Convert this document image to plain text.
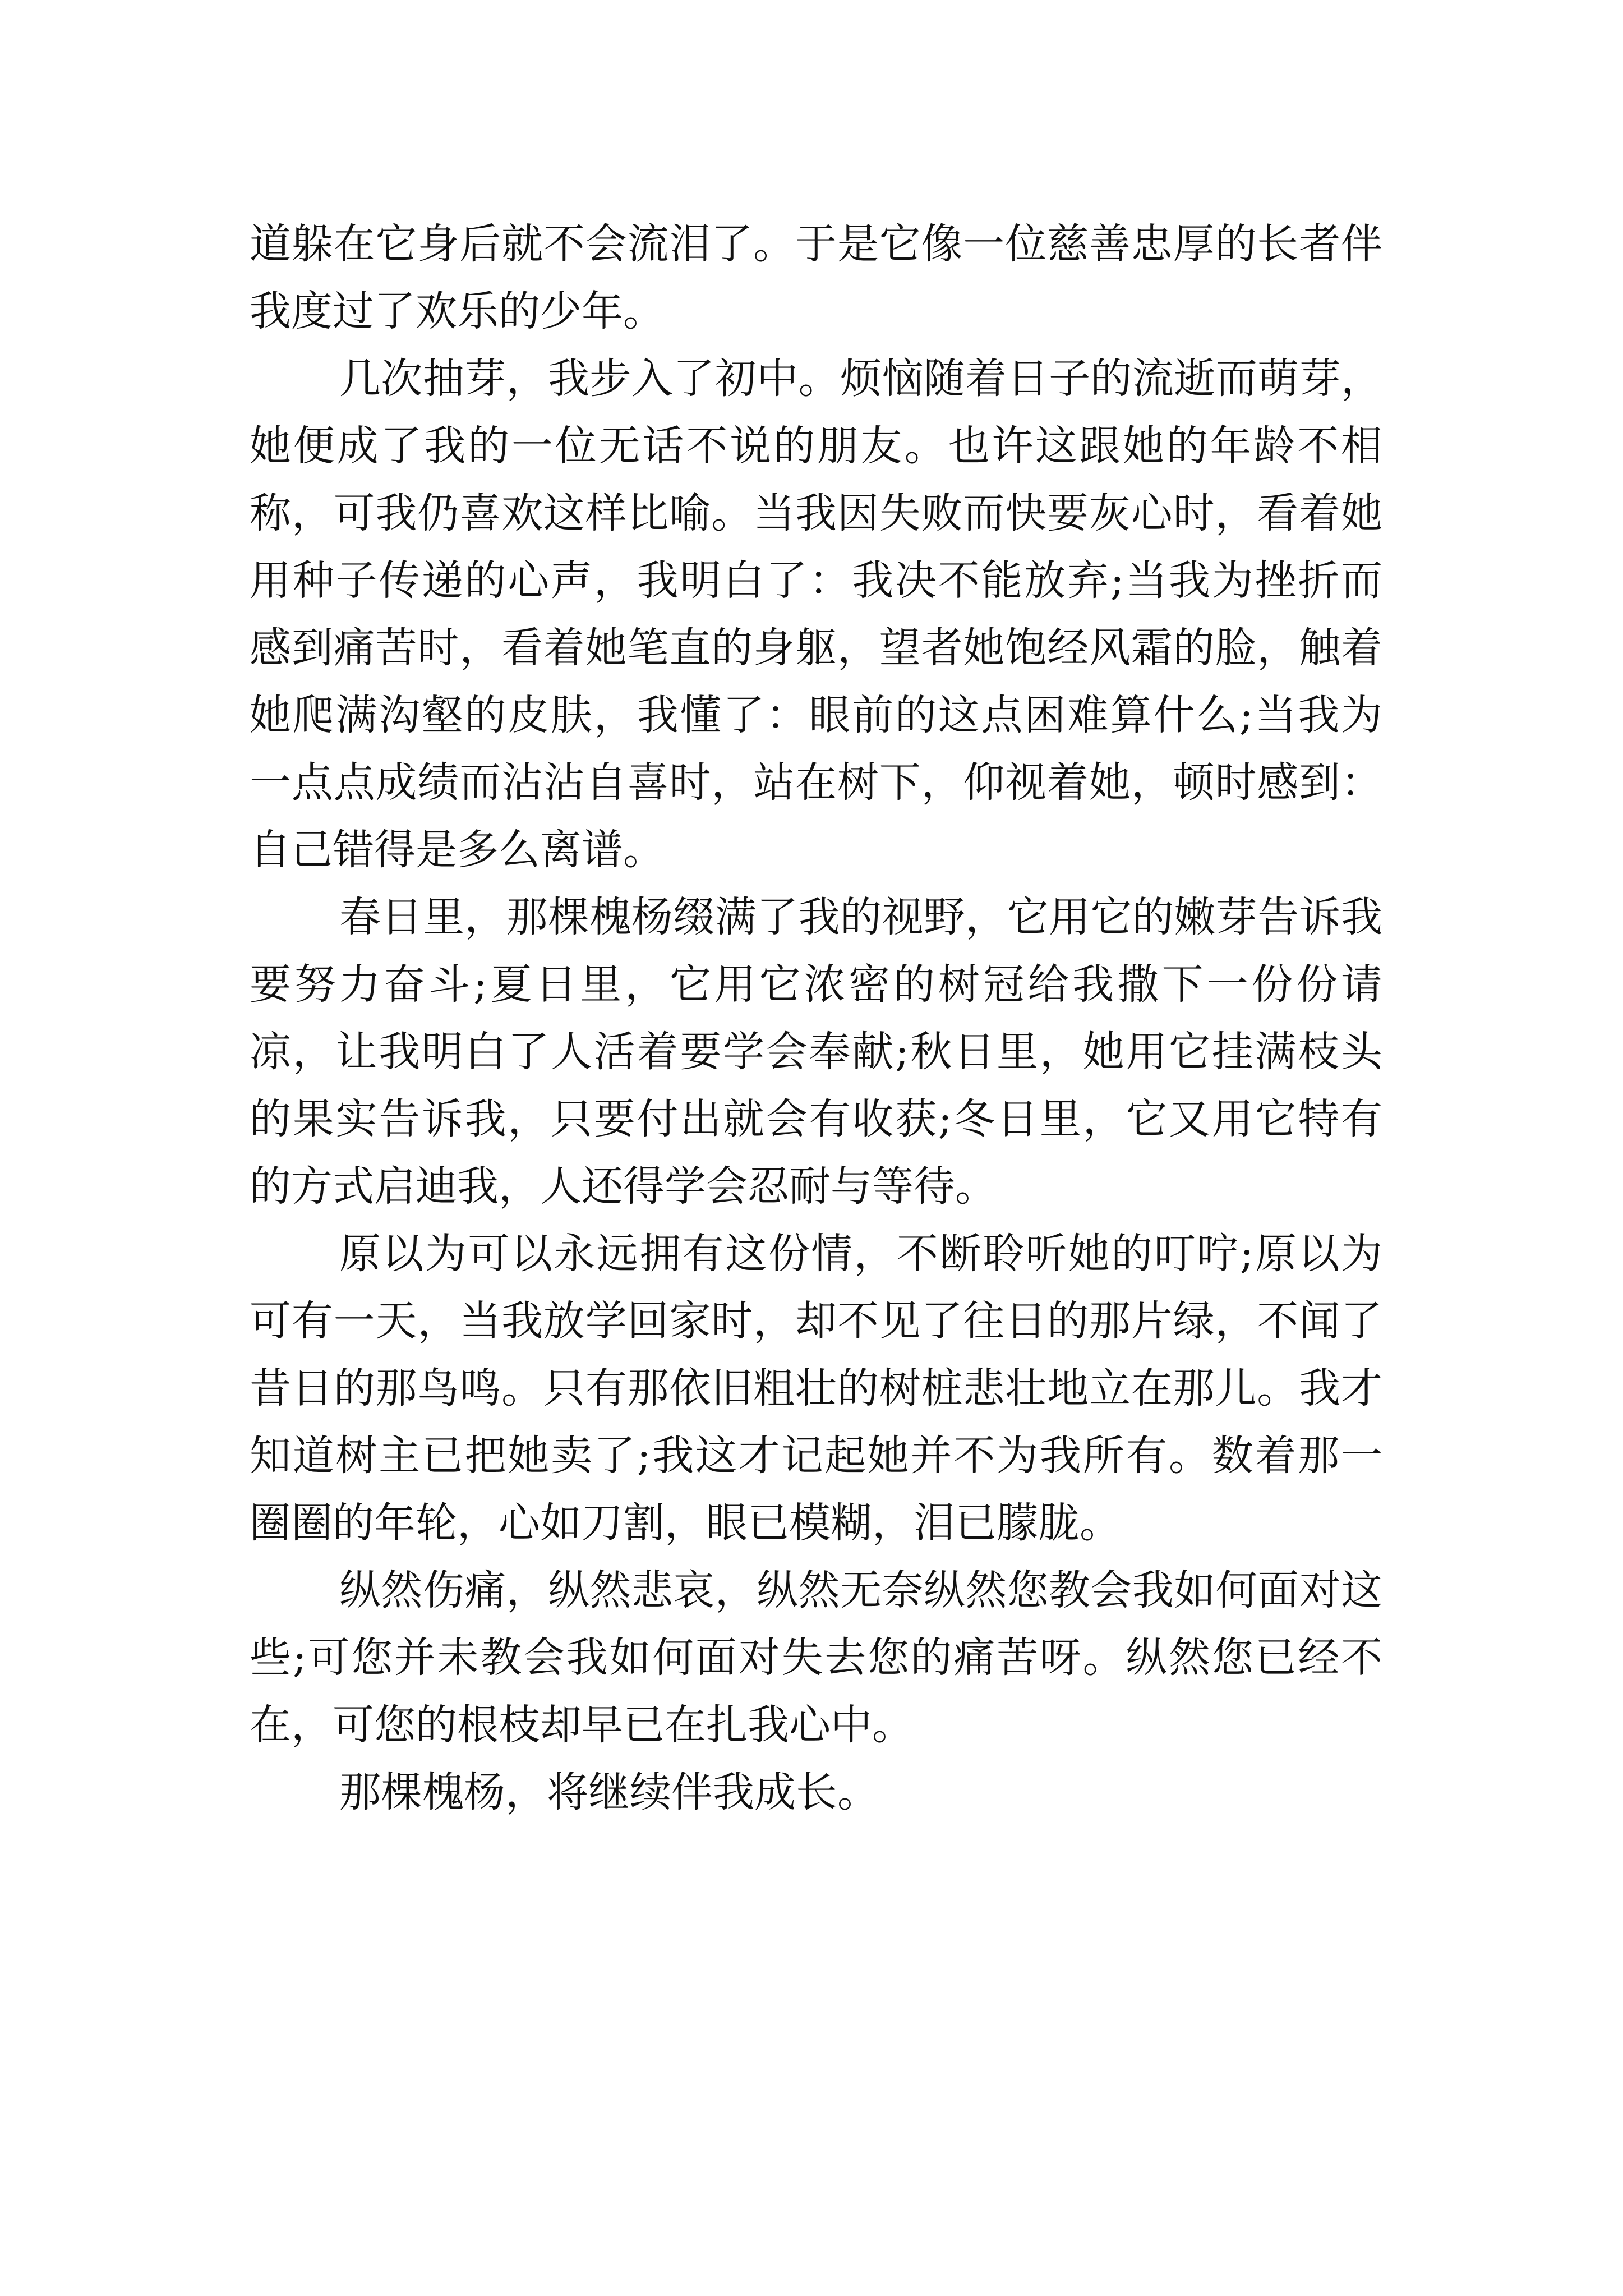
道躲在它身后就不会流泪了。于是它像一位慈善忠厚的长者伴我度过了欢乐的少年。

几次抽芽，我步入了初中。烦恼随着日子的流逝而萌芽，她便成了我的一位无话不说的朋友。也许这跟她的年龄不相称，可我仍喜欢这样比喻。当我因失败而快要灰心时，看着她用种子传递的心声，我明白了：我决不能放弃;当我为挫折而感到痛苦时，看着她笔直的身躯，望者她饱经风霜的脸，触着她爬满沟壑的皮肤，我懂了：眼前的这点困难算什么;当我为一点点成绩而沾沾自喜时，站在树下，仰视着她，顿时感到：自己错得是多么离谱。

春日里，那棵槐杨缀满了我的视野，它用它的嫩芽告诉我要努力奋斗;夏日里，它用它浓密的树冠给我撒下一份份请凉，让我明白了人活着要学会奉献;秋日里，她用它挂满枝头的果实告诉我，只要付出就会有收获;冬日里，它又用它特有的方式启迪我，人还得学会忍耐与等待。

原以为可以永远拥有这份情，不断聆听她的叮咛;原以为可有一天，当我放学回家时，却不见了往日的那片绿，不闻了昔日的那鸟鸣。只有那依旧粗壮的树桩悲壮地立在那儿。我才知道树主已把她卖了;我这才记起她并不为我所有。数着那一圈圈的年轮，心如刀割，眼已模糊，泪已朦胧。

纵然伤痛，纵然悲哀，纵然无奈纵然您教会我如何面对这些;可您并未教会我如何面对失去您的痛苦呀。纵然您已经不在，可您的根枝却早已在扎我心中。

那棵槐杨，将继续伴我成长。
